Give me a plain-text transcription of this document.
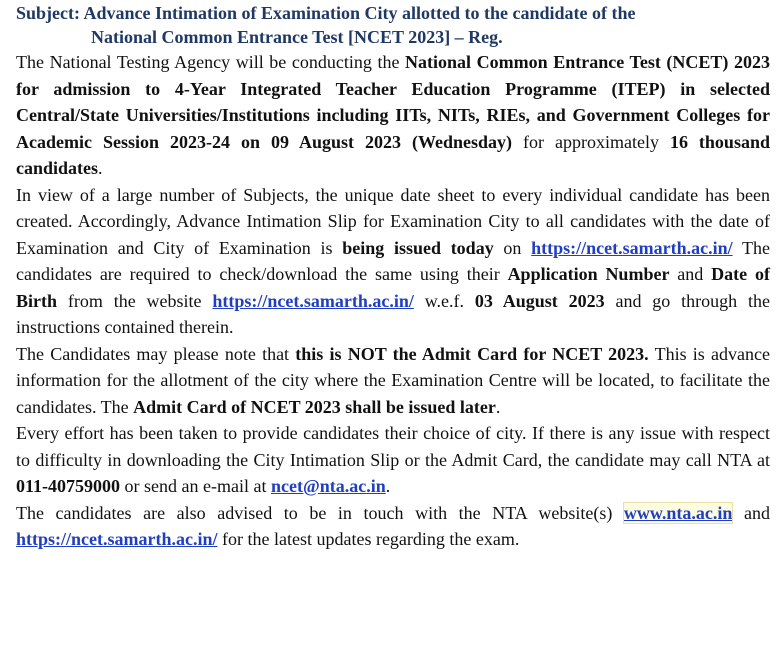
Subject: Advance Intimation of Examination City allotted to the candidate of the
National Common Entrance Test [NCET 2023] – Reg.

The National Testing Agency will be conducting the National Common Entrance Test (NCET) 2023 for admission to 4-Year Integrated Teacher Education Programme (ITEP) in selected Central/State Universities/Institutions including IITs, NITs, RIEs, and Government Colleges for Academic Session 2023-24 on 09 August 2023 (Wednesday) for approximately 16 thousand candidates.

In view of a large number of Subjects, the unique date sheet to every individual candidate has been created. Accordingly, Advance Intimation Slip for Examination City to all candidates with the date of Examination and City of Examination is being issued today on https://ncet.samarth.ac.in/ The candidates are required to check/download the same using their Application Number and Date of Birth from the website https://ncet.samarth.ac.in/ w.e.f. 03 August 2023 and go through the instructions contained therein.

The Candidates may please note that this is NOT the Admit Card for NCET 2023. This is advance information for the allotment of the city where the Examination Centre will be located, to facilitate the candidates. The Admit Card of NCET 2023 shall be issued later.

Every effort has been taken to provide candidates their choice of city. If there is any issue with respect to difficulty in downloading the City Intimation Slip or the Admit Card, the candidate may call NTA at 011-40759000 or send an e-mail at ncet@nta.ac.in.

The candidates are also advised to be in touch with the NTA website(s) www.nta.ac.in and https://ncet.samarth.ac.in/ for the latest updates regarding the exam.
